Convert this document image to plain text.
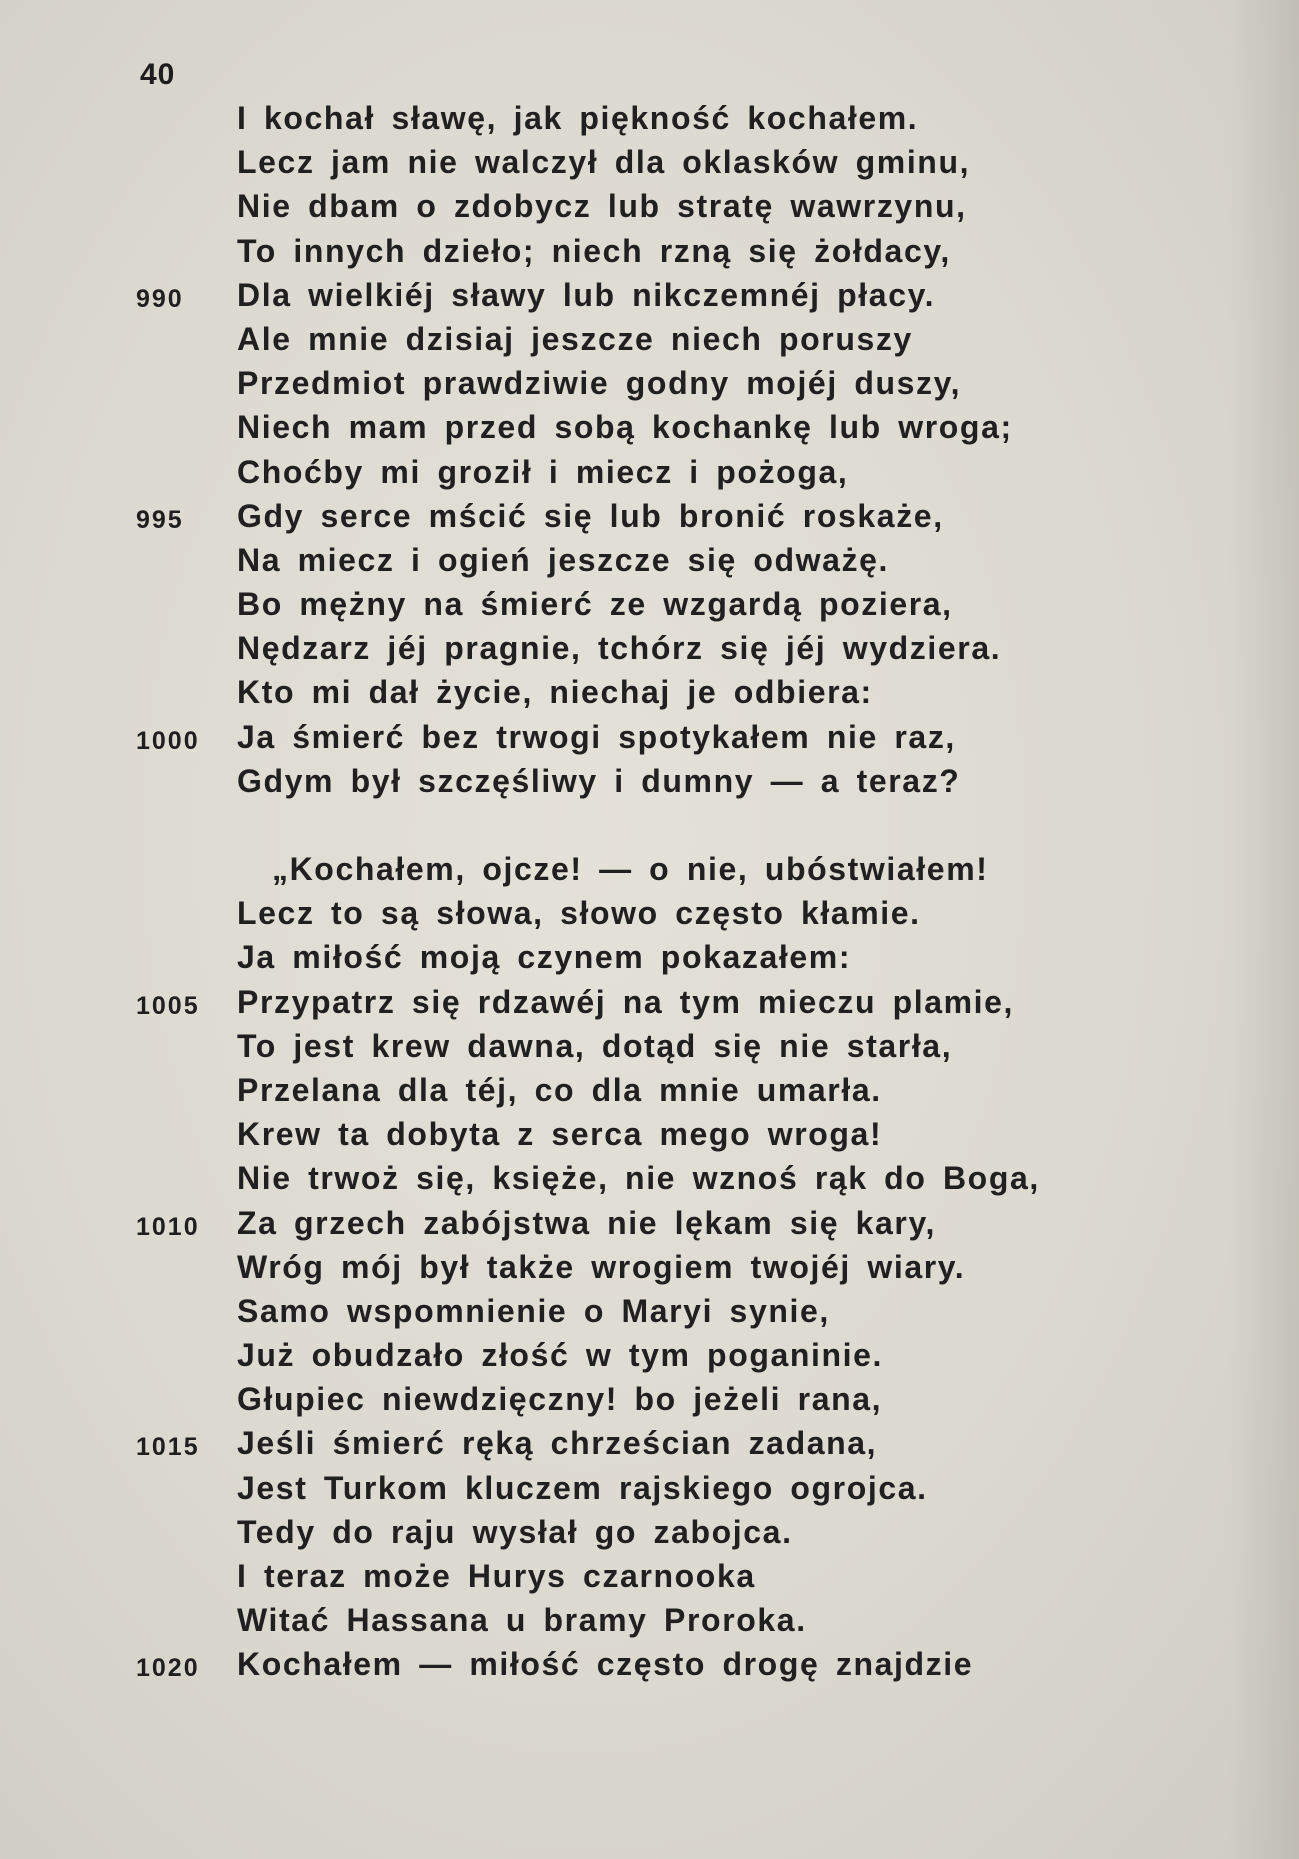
40
I kochał sławę, jak piękność kochałem.
Lecz jam nie walczył dla oklasków gminu,
Nie dbam o zdobycz lub stratę wawrzynu,
To innych dzieło; niech rzną się żołdacy,
990	Dla wielkiéj sławy lub nikczemnéj płacy.
Ale mnie dzisiaj jeszcze niech poruszy
Przedmiot prawdziwie godny mojéj duszy,
Niech mam przed sobą kochankę lub wroga;
Choćby mi groził i miecz i pożoga,
995	Gdy serce mścić się lub bronić roskaże,
Na miecz i ogień jeszcze się odważę.
Bo mężny na śmierć ze wzgardą poziera,
Nędzarz jéj pragnie, tchórz się jéj wydziera.
Kto mi dał życie, niechaj je odbiera:
1000	Ja śmierć bez trwogi spotykałem nie raz,
Gdym był szczęśliwy i dumny — a teraz?
„Kochałem, ojcze! — o nie, ubóstwiałem!
Lecz to są słowa, słowo często kłamie.
Ja miłość moją czynem pokazałem:
1005	Przypatrz się rdzawéj na tym mieczu plamie,
To jest krew dawna, dotąd się nie starła,
Przelana dla téj, co dla mnie umarła.
Krew ta dobyta z serca mego wroga!
Nie trwoż się, księże, nie wznoś rąk do Boga,
1010	Za grzech zabójstwa nie lękam się kary,
Wróg mój był także wrogiem twojéj wiary.
Samo wspomnienie o Maryi synie,
Już obudzało złość w tym poganinie.
Głupiec niewdzięczny! bo jeżeli rana,
1015	Jeśli śmierć ręką chrześcian zadana,
Jest Turkom kluczem rajskiego ogrojca.
Tedy do raju wysłał go zabojca.
I teraz może Hurys czarnooka
Witać Hassana u bramy Proroka.
1020	Kochałem — miłość często drogę znajdzie
